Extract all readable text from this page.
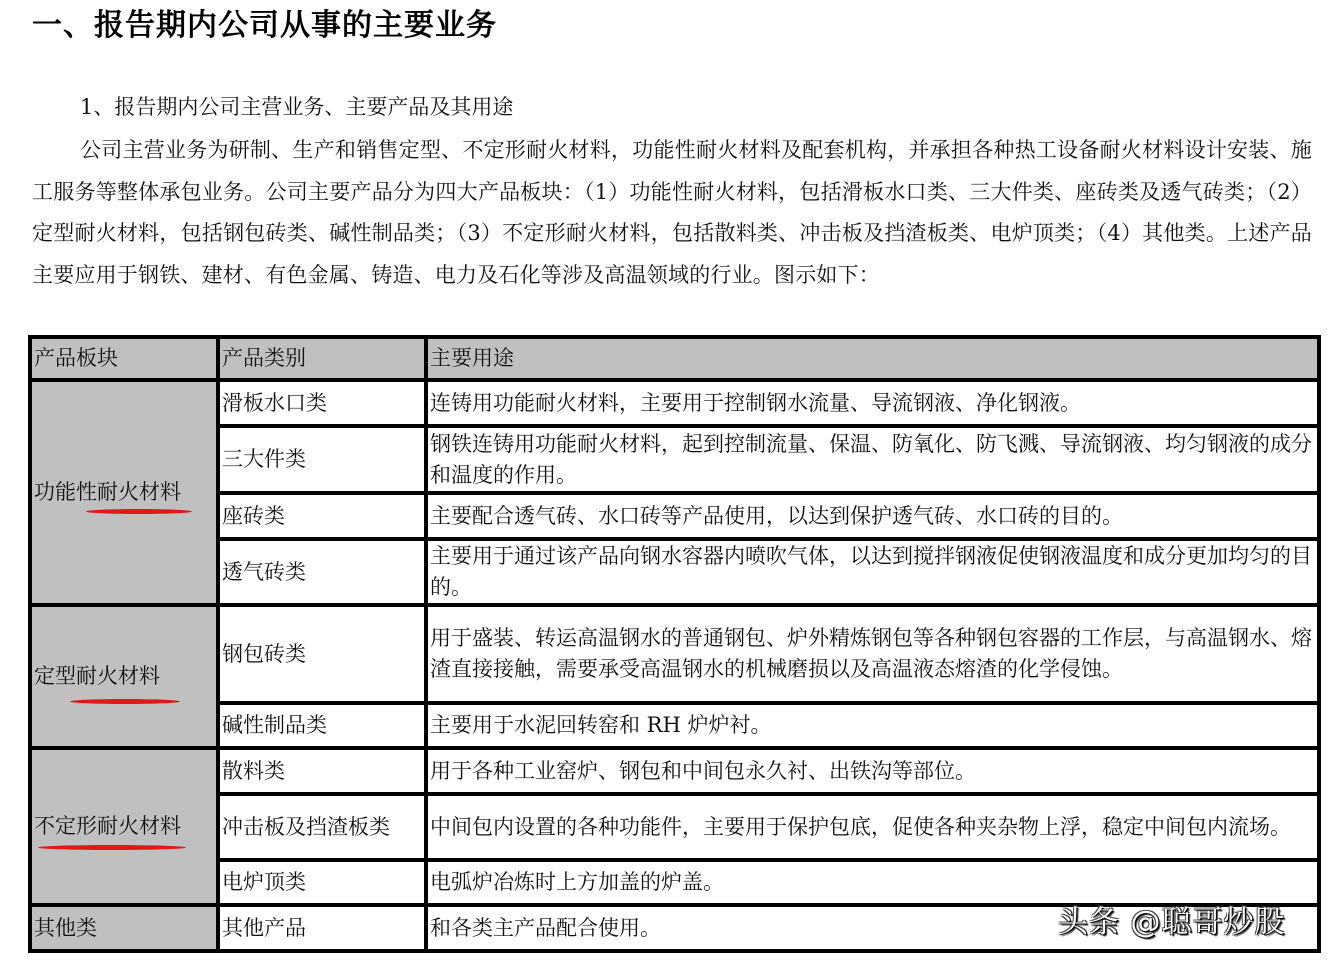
一、报告期内公司从事的主要业务
1、报告期内公司主营业务、主要产品及其用途
公司主营业务为研制、生产和销售定型、不定形耐火材料，功能性耐火材料及配套机构，并承担各种热工设备耐火材料设计安装、施工服务等整体承包业务。公司主要产品分为四大产品板块：（1）功能性耐火材料，包括滑板水口类、三大件类、座砖类及透气砖类；（2）定型耐火材料，包括钢包砖类、碱性制品类；（3）不定形耐火材料，包括散料类、冲击板及挡渣板类、电炉顶类；（4）其他类。上述产品主要应用于钢铁、建材、有色金属、铸造、电力及石化等涉及高温领域的行业。图示如下：
产品板块	产品类别	主要用途
功能性耐火材料	滑板水口类	连铸用功能耐火材料，主要用于控制钢水流量、导流钢液、净化钢液。
	三大件类	钢铁连铸用功能耐火材料，起到控制流量、保温、防氧化、防飞溅、导流钢液、均匀钢液的成分和温度的作用。
	座砖类	主要配合透气砖、水口砖等产品使用，以达到保护透气砖、水口砖的目的。
	透气砖类	主要用于通过该产品向钢水容器内喷吹气体，以达到搅拌钢液促使钢液温度和成分更加均匀的目的。
定型耐火材料	钢包砖类	用于盛装、转运高温钢水的普通钢包、炉外精炼钢包等各种钢包容器的工作层，与高温钢水、熔渣直接接触，需要承受高温钢水的机械磨损以及高温液态熔渣的化学侵蚀。
	碱性制品类	主要用于水泥回转窑和 RH 炉炉衬。
不定形耐火材料	散料类	用于各种工业窑炉、钢包和中间包永久衬、出铁沟等部位。
	冲击板及挡渣板类	中间包内设置的各种功能件，主要用于保护包底，促使各种夹杂物上浮，稳定中间包内流场。
	电炉顶类	电弧炉冶炼时上方加盖的炉盖。
其他类	其他产品	和各类主产品配合使用。	头条 @聪哥炒股
